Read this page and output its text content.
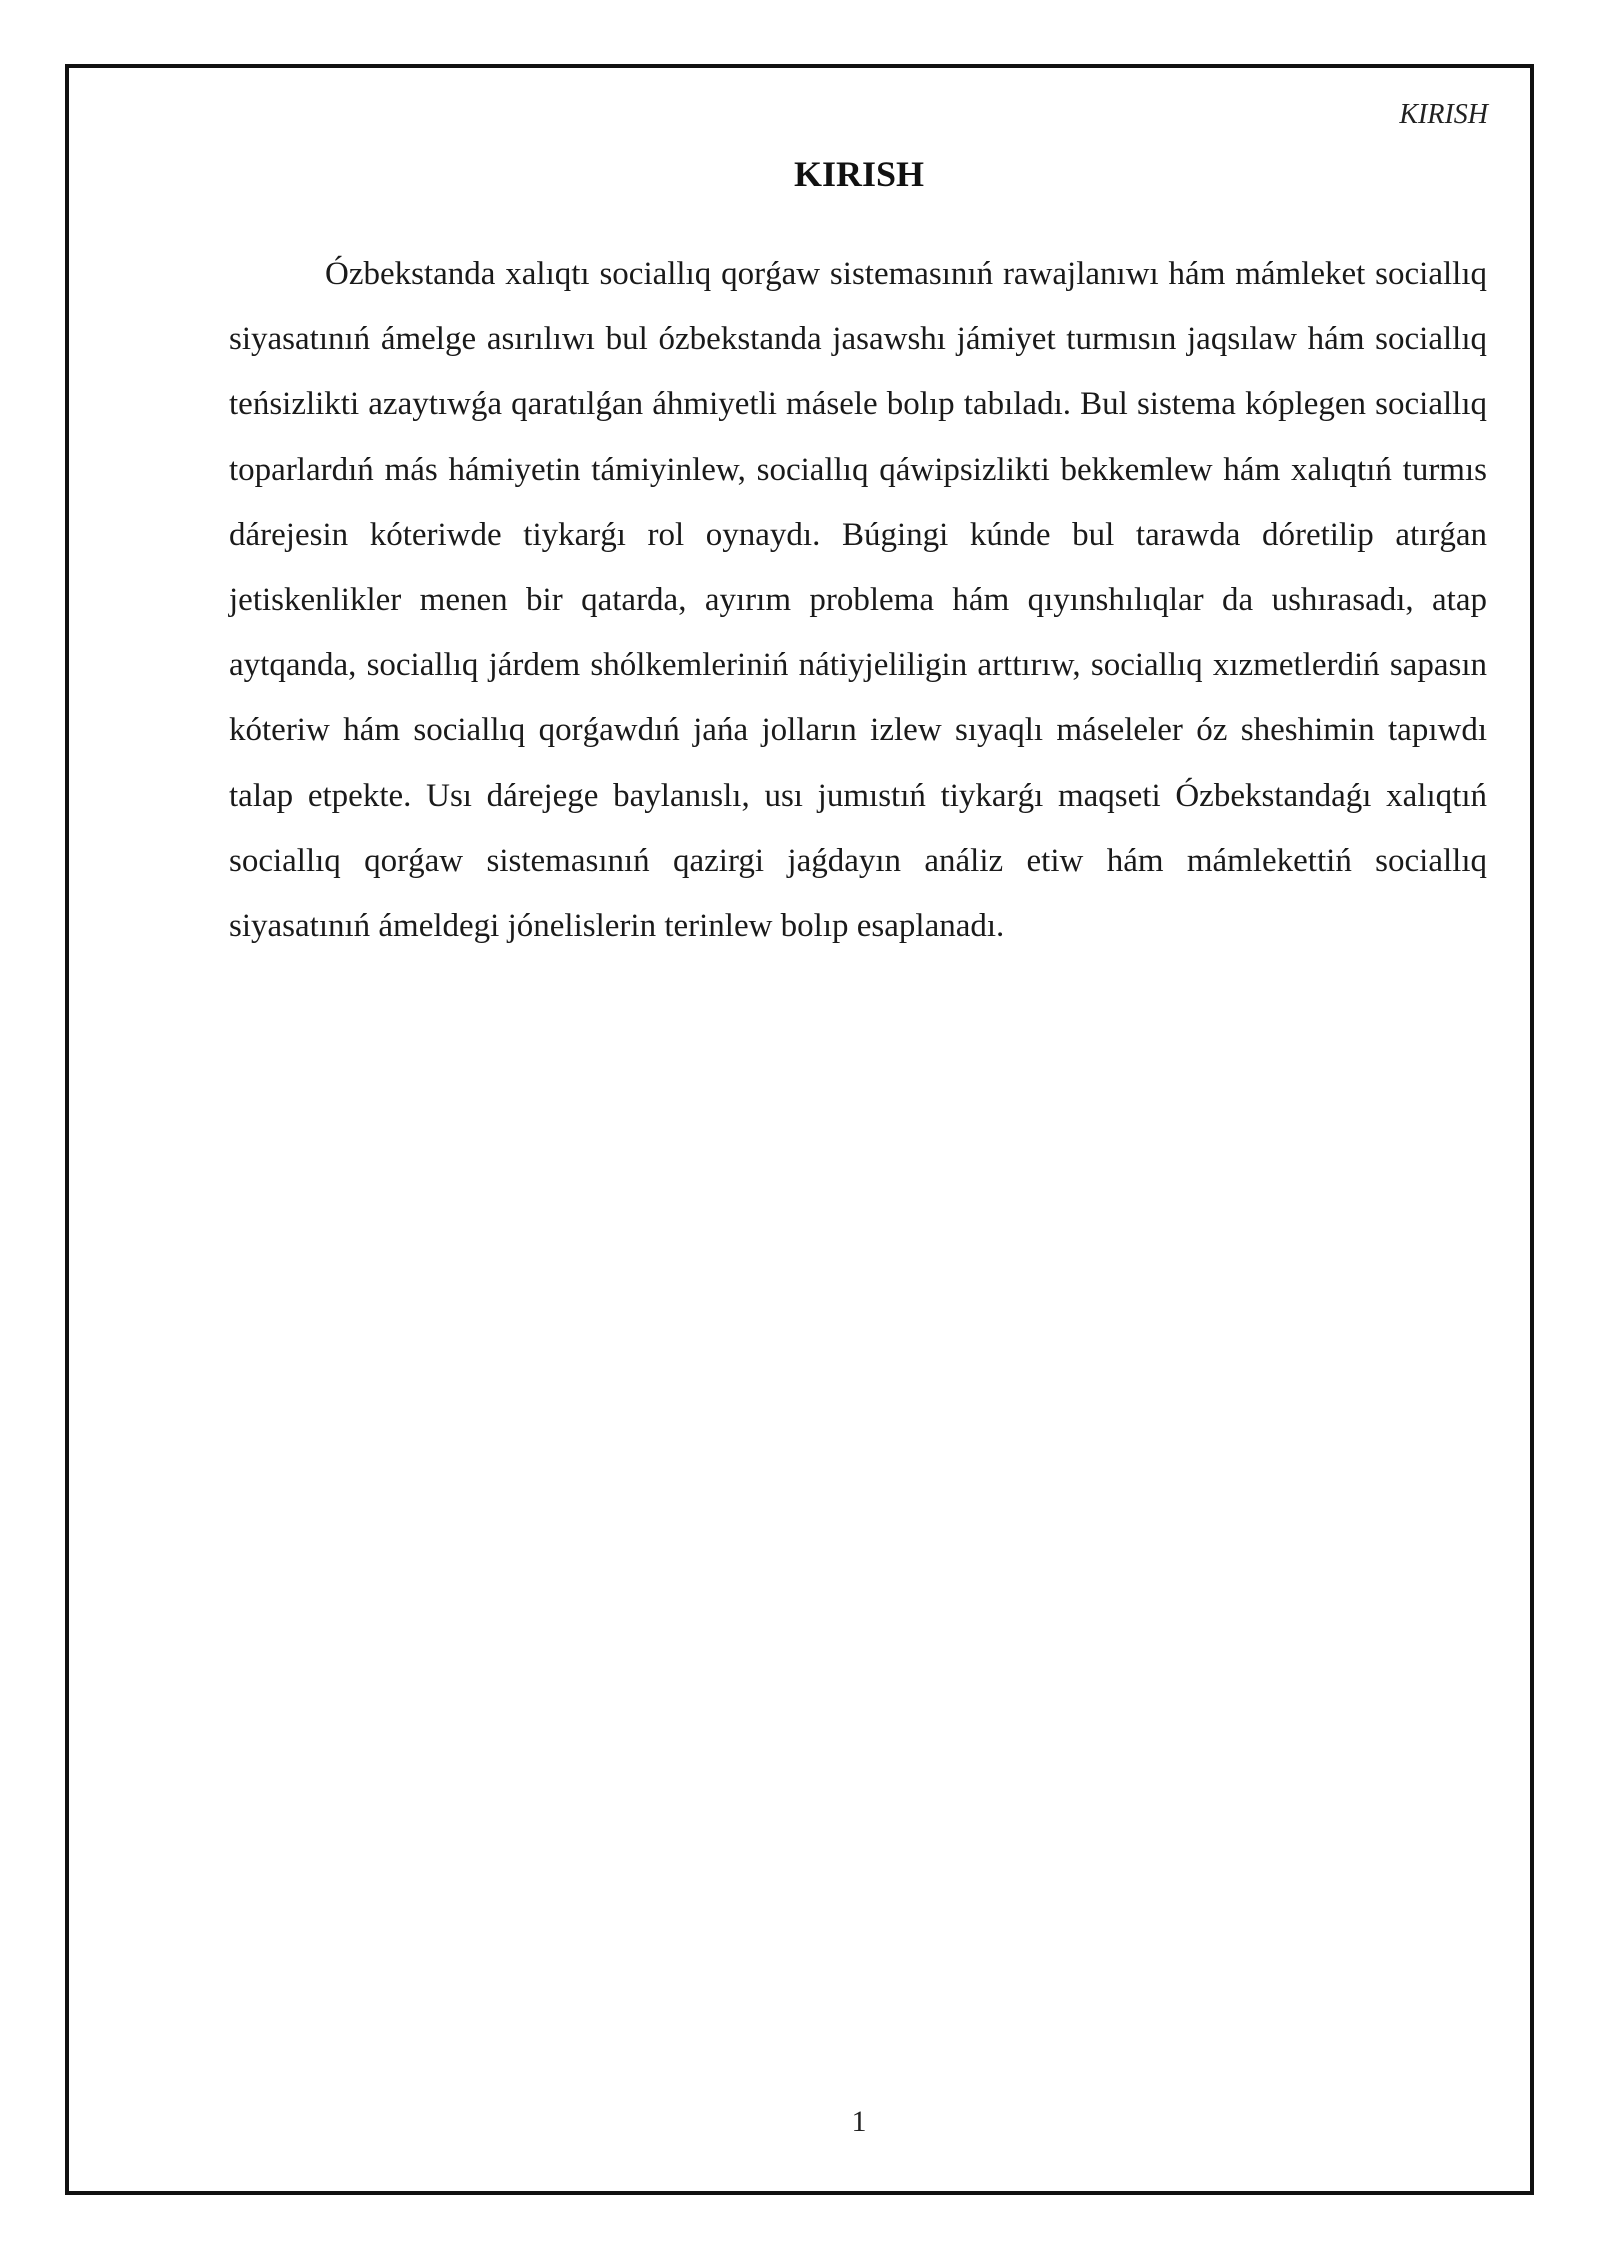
KIRISH
KIRISH

Ózbekstanda xalıqtı sociallıq qorǵaw sistemasınıń rawajlanıwı hám mámleket sociallıq siyasatınıń ámelge asırılıwı bul ózbekstanda jasawshı jámiyet turmısın jaqsılaw hám sociallıq teńsizlikti azaytıwǵa qaratılǵan áhmiyetli másele bolıp tabıladı. Bul sistema kóplegen sociallıq toparlardıń más hámiyetin támiyinlew, sociallıq qáwipsizlikti bekkemlew hám xalıqtıń turmıs dárejesin kóteriwde tiykarǵı rol oynaydı. Búgingi kúnde bul tarawda dóretilip atırǵan jetiskenlikler menen bir qatarda, ayırım problema hám qıyınshılıqlar da ushırasadı, atap aytqanda, sociallıq járdem shólkemleriniń nátiyjeliligin arttırıw, sociallıq xızmetlerdiń sapasın kóteriw hám sociallıq qorǵawdıń jańa jolların izlew sıyaqlı máseleler óz sheshimin tapıwdı talap etpekte. Usı dárejege baylanıslı, usı jumıstıń tiykarǵı maqseti Ózbekstandaǵı xalıqtıń sociallıq qorǵaw sistemasınıń qazirgi jaǵdayın análiz etiw hám mámlekettiń sociallıq siyasatınıń ámeldegi jónelislerin terinlew bolıp esaplanadı.

1
